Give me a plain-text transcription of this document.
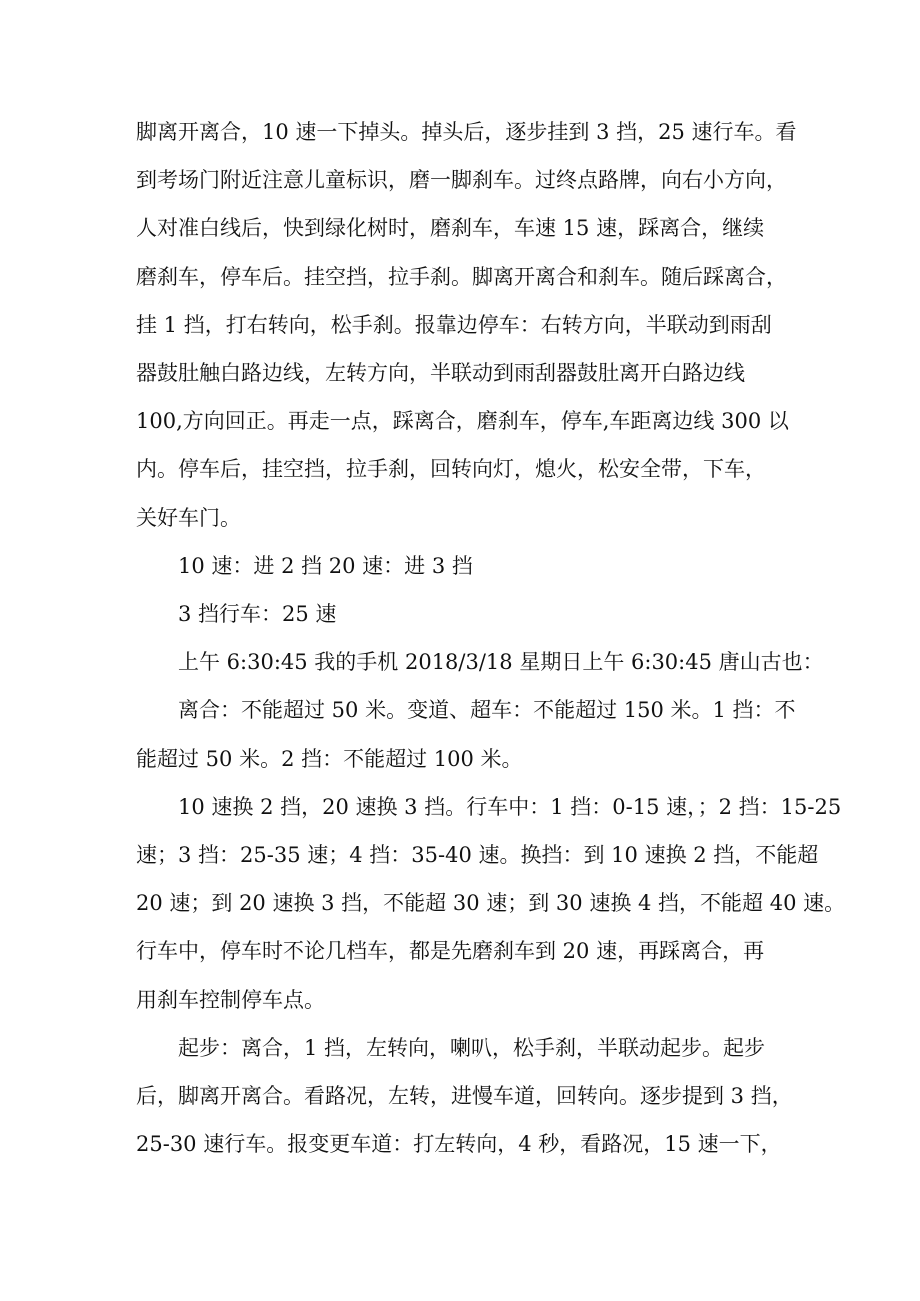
脚离开离合，10 速一下掉头。掉头后，逐步挂到 3 挡，25 速行车。看
到考场门附近注意儿童标识，磨一脚刹车。过终点路牌，向右小方向，
人对准白线后，快到绿化树时，磨刹车，车速 15 速，踩离合，继续
磨刹车，停车后。挂空挡，拉手刹。脚离开离合和刹车。随后踩离合，
挂 1 挡，打右转向，松手刹。报靠边停车：右转方向，半联动到雨刮
器鼓肚触白路边线，左转方向，半联动到雨刮器鼓肚离开白路边线
100,方向回正。再走一点，踩离合，磨刹车，停车,车距离边线 300 以
内。停车后，挂空挡，拉手刹，回转向灯，熄火，松安全带，下车，
关好车门。
10 速：进 2 挡 20 速：进 3 挡
3 挡行车：25 速
上午 6:30:45 我的手机 2018/3/18 星期日上午 6:30:45 唐山古也：
离合：不能超过 50 米。变道、超车：不能超过 150 米。1 挡：不
能超过 50 米。2 挡：不能超过 100 米。
10 速换 2 挡，20 速换 3 挡。行车中：1 挡：0-15 速，；2 挡：15-25
速；3 挡：25-35 速；4 挡：35-40 速。换挡：到 10 速换 2 挡，不能超
20 速；到 20 速换 3 挡，不能超 30 速；到 30 速换 4 挡，不能超 40 速。
行车中，停车时不论几档车，都是先磨刹车到 20 速，再踩离合，再
用刹车控制停车点。
起步：离合，1 挡，左转向，喇叭，松手刹，半联动起步。起步
后，脚离开离合。看路况，左转，进慢车道，回转向。逐步提到 3 挡，
25-30 速行车。报变更车道：打左转向，4 秒，看路况，15 速一下，
